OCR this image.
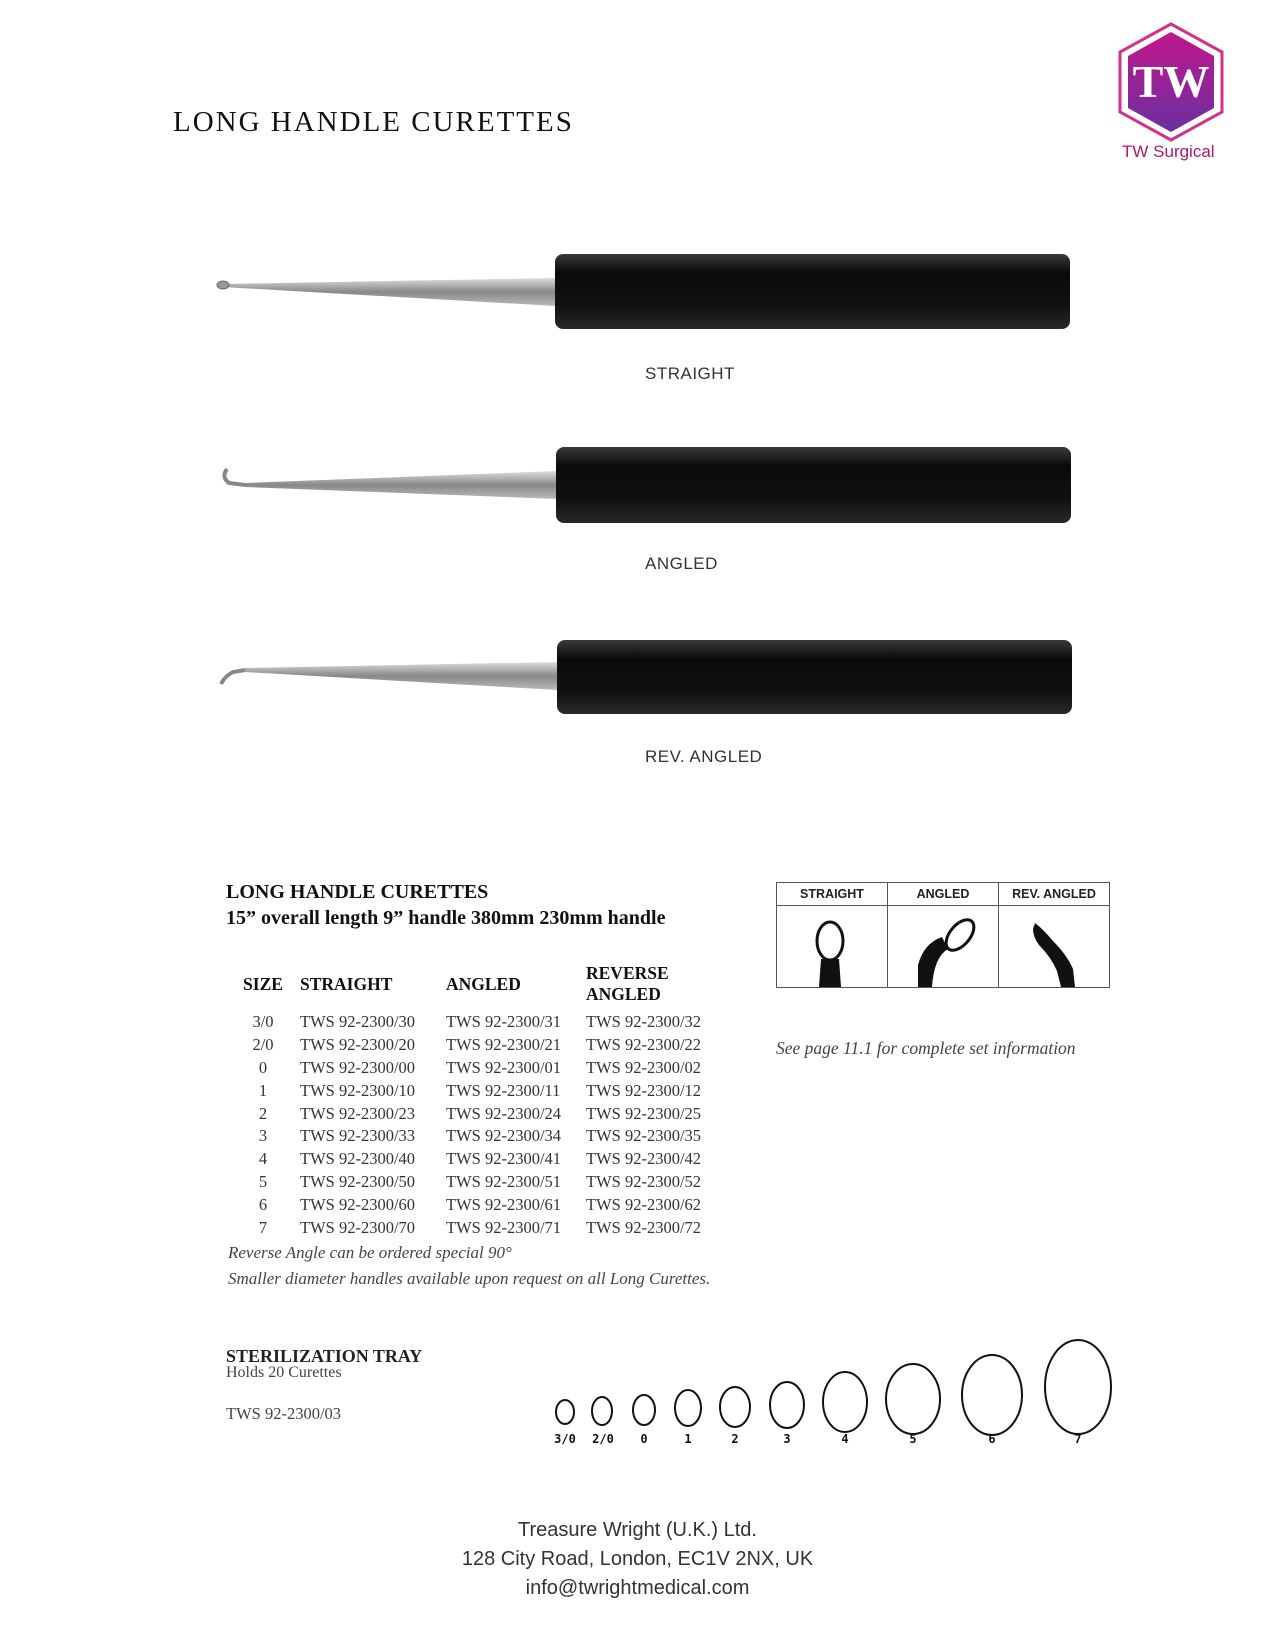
LONG HANDLE CURETTES
TW
TW Surgical
STRAIGHT
ANGLED
REV. ANGLED
LONG HANDLE CURETTES
15” overall length 9” handle 380mm 230mm handle
SIZE	STRAIGHT	ANGLED	REVERSE ANGLED
3/0	TWS 92-2300/30	TWS 92-2300/31	TWS 92-2300/32
2/0	TWS 92-2300/20	TWS 92-2300/21	TWS 92-2300/22
0	TWS 92-2300/00	TWS 92-2300/01	TWS 92-2300/02
1	TWS 92-2300/10	TWS 92-2300/11	TWS 92-2300/12
2	TWS 92-2300/23	TWS 92-2300/24	TWS 92-2300/25
3	TWS 92-2300/33	TWS 92-2300/34	TWS 92-2300/35
4	TWS 92-2300/40	TWS 92-2300/41	TWS 92-2300/42
5	TWS 92-2300/50	TWS 92-2300/51	TWS 92-2300/52
6	TWS 92-2300/60	TWS 92-2300/61	TWS 92-2300/62
7	TWS 92-2300/70	TWS 92-2300/71	TWS 92-2300/72
STRAIGHT	ANGLED	REV. ANGLED
See page 11.1 for complete set information
Reverse Angle can be ordered special 90°
Smaller diameter handles available upon request on all Long Curettes.
STERILIZATION TRAY
Holds 20 Curettes
TWS 92-2300/03
3/0 2/0 0	1	2	3	4	5	6	7
Treasure Wright (U.K.) Ltd.
128 City Road, London, EC1V 2NX, UK
info@twrightmedical.com
